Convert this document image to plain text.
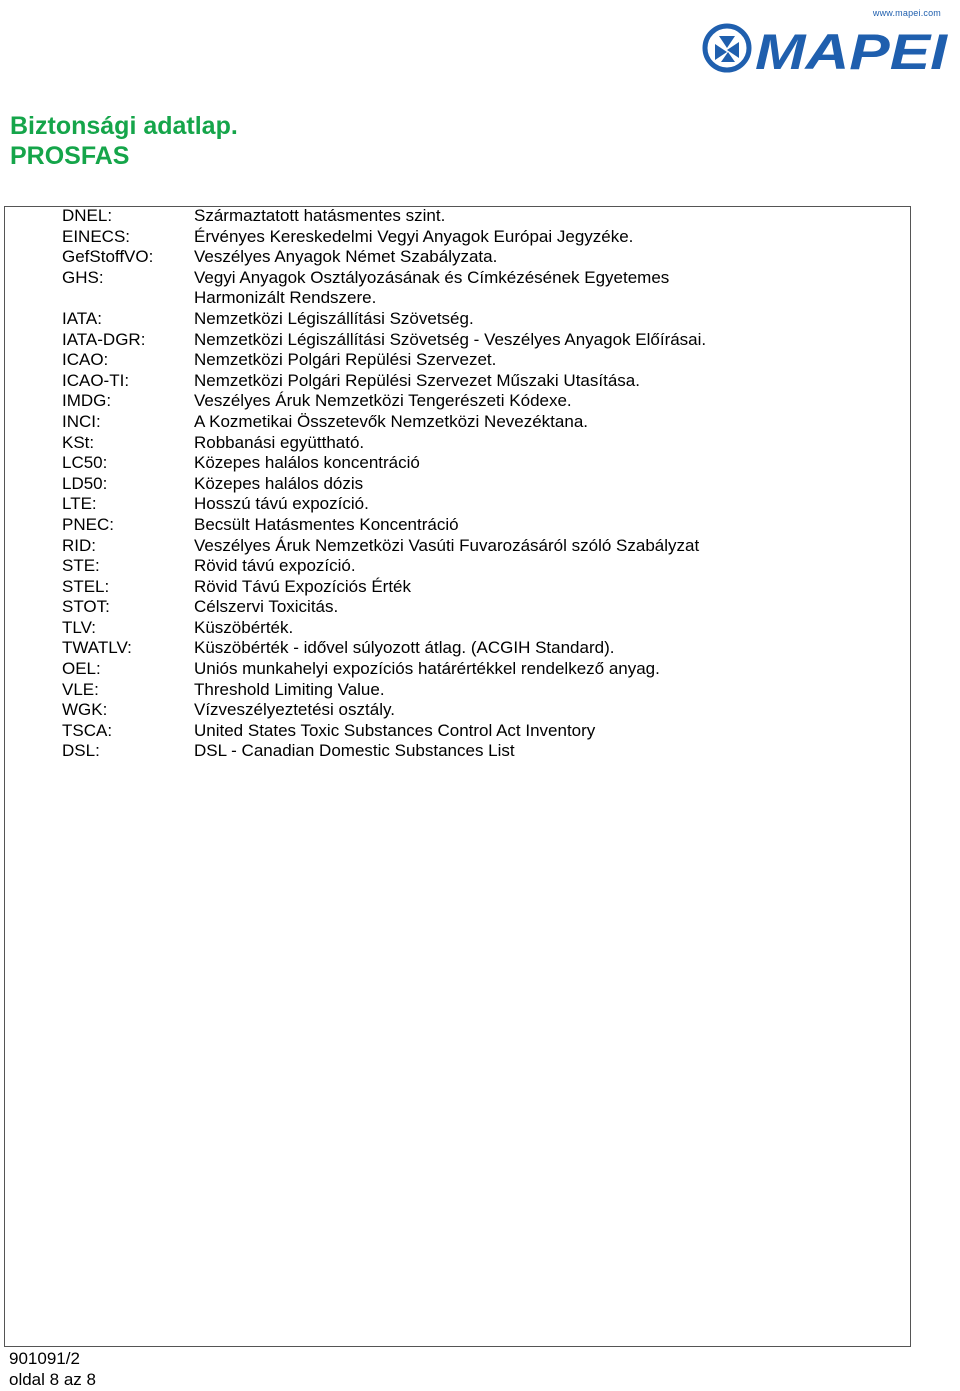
MAPEI
www.mapei.com
Biztonsági adatlap.
PROSFAS
DNEL:	Származtatott hatásmentes szint.
EINECS:	Érvényes Kereskedelmi Vegyi Anyagok Európai Jegyzéke.
GefStoffVO:	Veszélyes Anyagok Német Szabályzata.
GHS:	Vegyi Anyagok Osztályozásának és Címkézésének Egyetemes
Harmonizált Rendszere.
IATA:	Nemzetközi Légiszállítási Szövetség.
IATA-DGR:	Nemzetközi Légiszállítási Szövetség - Veszélyes Anyagok Előírásai.
ICAO:	Nemzetközi Polgári Repülési Szervezet.
ICAO-TI:	Nemzetközi Polgári Repülési Szervezet Műszaki Utasítása.
IMDG:	Veszélyes Áruk Nemzetközi Tengerészeti Kódexe.
INCI:	A Kozmetikai Összetevők Nemzetközi Nevezéktana.
KSt:	Robbanási együttható.
LC50:	Közepes halálos koncentráció
LD50:	Közepes halálos dózis
LTE:	Hosszú távú expozíció.
PNEC:	Becsült Hatásmentes Koncentráció
RID:	Veszélyes Áruk Nemzetközi Vasúti Fuvarozásáról szóló Szabályzat
STE:	Rövid távú expozíció.
STEL:	Rövid Távú Expozíciós Érték
STOT:	Célszervi Toxicitás.
TLV:	Küszöbérték.
TWATLV:	Küszöbérték - idővel súlyozott átlag. (ACGIH Standard).
OEL:	Uniós munkahelyi expozíciós határértékkel rendelkező anyag.
VLE:	Threshold Limiting Value.
WGK:	Vízveszélyeztetési osztály.
TSCA:	United States Toxic Substances Control Act Inventory
DSL:	DSL - Canadian Domestic Substances List
901091/2
oldal 8 az 8
